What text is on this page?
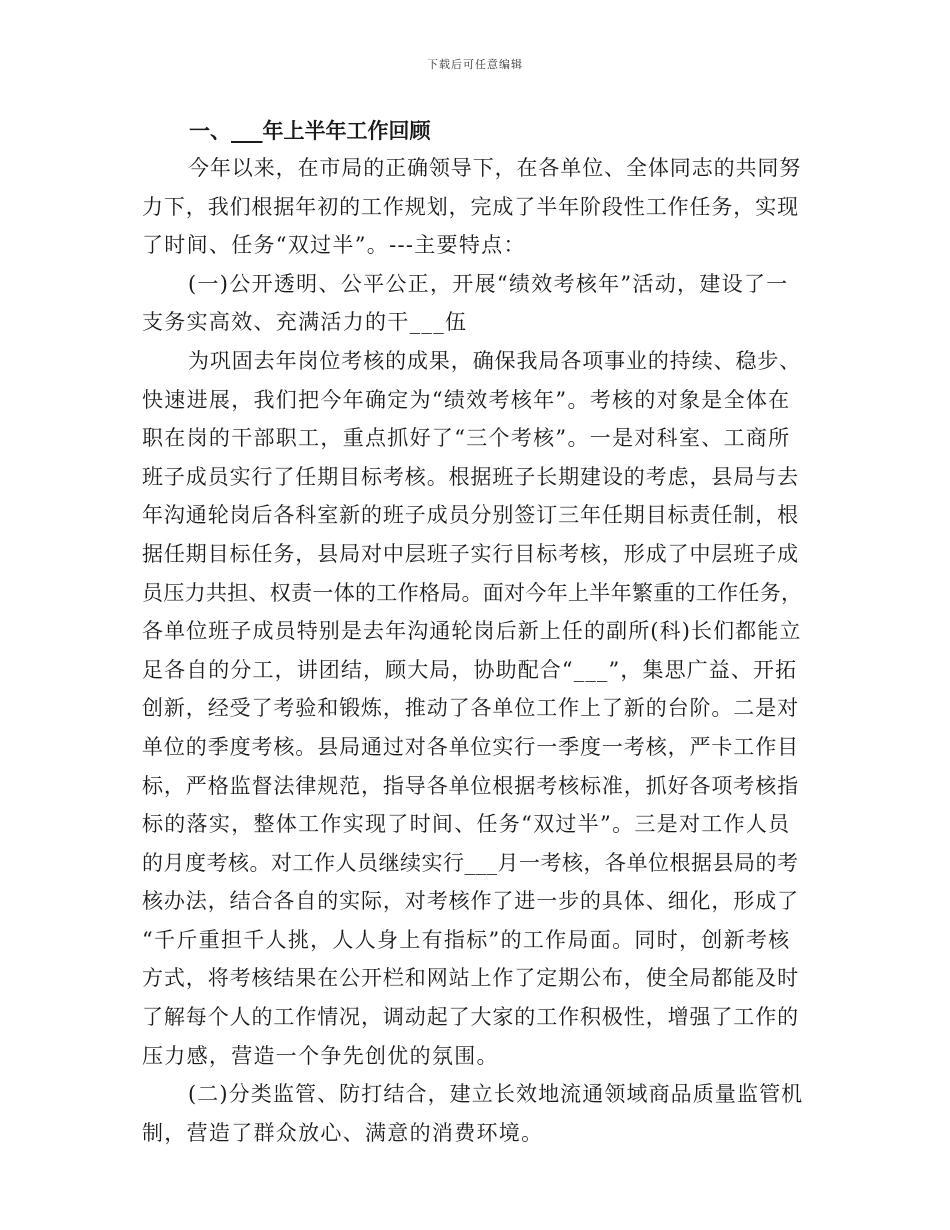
下载后可任意编辑
一、___年上半年工作回顾
今年以来，在市局的正确领导下，在各单位、全体同志的共同努
力下，我们根据年初的工作规划，完成了半年阶段性工作任务，实现
了时间、任务“双过半”。---主要特点：
(一)公开透明、公平公正，开展“绩效考核年”活动，建设了一
支务实高效、充满活力的干___伍
为巩固去年岗位考核的成果，确保我局各项事业的持续、稳步、
快速进展，我们把今年确定为“绩效考核年”。考核的对象是全体在
职在岗的干部职工，重点抓好了“三个考核”。一是对科室、工商所
班子成员实行了任期目标考核。根据班子长期建设的考虑，县局与去
年沟通轮岗后各科室新的班子成员分别签订三年任期目标责任制，根
据任期目标任务，县局对中层班子实行目标考核，形成了中层班子成
员压力共担、权责一体的工作格局。面对今年上半年繁重的工作任务，
各单位班子成员特别是去年沟通轮岗后新上任的副所(科)长们都能立
足各自的分工，讲团结，顾大局，协助配合“___”，集思广益、开拓
创新，经受了考验和锻炼，推动了各单位工作上了新的台阶。二是对
单位的季度考核。县局通过对各单位实行一季度一考核，严卡工作目
标，严格监督法律规范，指导各单位根据考核标准，抓好各项考核指
标的落实，整体工作实现了时间、任务“双过半”。三是对工作人员
的月度考核。对工作人员继续实行___月一考核，各单位根据县局的考
核办法，结合各自的实际，对考核作了进一步的具体、细化，形成了
“千斤重担千人挑，人人身上有指标”的工作局面。同时，创新考核
方式，将考核结果在公开栏和网站上作了定期公布，使全局都能及时
了解每个人的工作情况，调动起了大家的工作积极性，增强了工作的
压力感，营造一个争先创优的氛围。
(二)分类监管、防打结合，建立长效地流通领域商品质量监管机
制，营造了群众放心、满意的消费环境。
